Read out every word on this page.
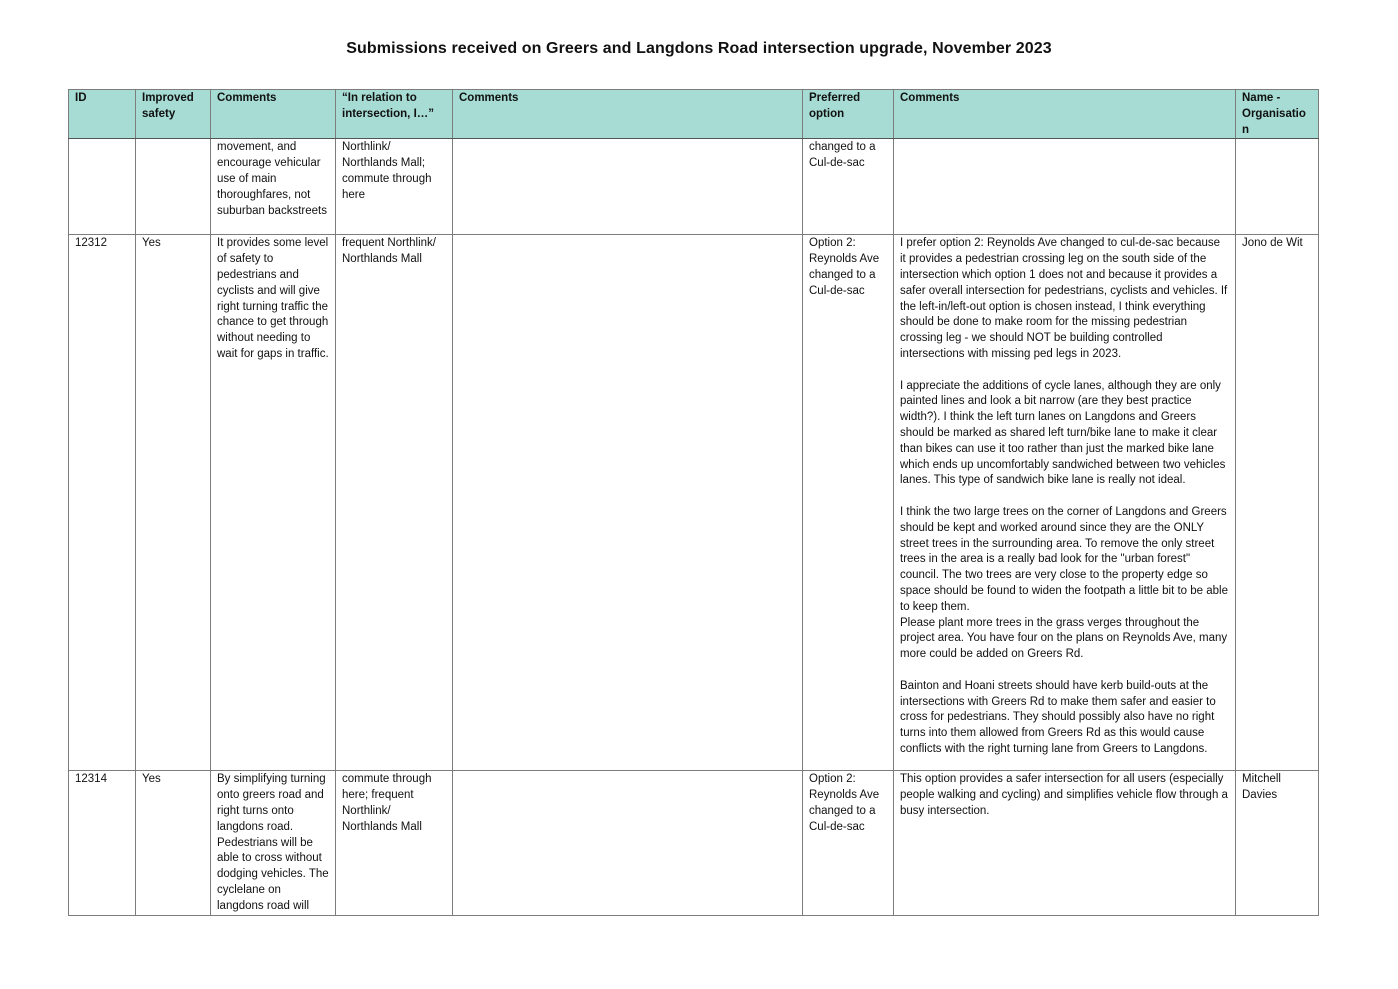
Submissions received on Greers and Langdons Road intersection upgrade, November 2023
ID	Improved safety	Comments	“In relation to intersection, I…”	Comments	Preferred option	Comments	Name - Organisation
		movement, and encourage vehicular use of main thoroughfares, not suburban backstreets	Northlink/ Northlands Mall; commute through here		changed to a Cul-de-sac		
12312	Yes	It provides some level of safety to pedestrians and cyclists and will give right turning traffic the chance to get through without needing to wait for gaps in traffic.	frequent Northlink/ Northlands Mall		Option 2: Reynolds Ave changed to a Cul-de-sac	I prefer option 2: Reynolds Ave changed to cul-de-sac because it provides a pedestrian crossing leg on the south side of the intersection which option 1 does not and because it provides a safer overall intersection for pedestrians, cyclists and vehicles. If the left-in/left-out option is chosen instead, I think everything should be done to make room for the missing pedestrian crossing leg - we should NOT be building controlled intersections with missing ped legs in 2023.

I appreciate the additions of cycle lanes, although they are only painted lines and look a bit narrow (are they best practice width?). I think the left turn lanes on Langdons and Greers should be marked as shared left turn/bike lane to make it clear than bikes can use it too rather than just the marked bike lane which ends up uncomfortably sandwiched between two vehicles lanes. This type of sandwich bike lane is really not ideal.

I think the two large trees on the corner of Langdons and Greers should be kept and worked around since they are the ONLY street trees in the surrounding area. To remove the only street trees in the area is a really bad look for the "urban forest" council. The two trees are very close to the property edge so space should be found to widen the footpath a little bit to be able to keep them.
Please plant more trees in the grass verges throughout the project area. You have four on the plans on Reynolds Ave, many more could be added on Greers Rd.

Bainton and Hoani streets should have kerb build-outs at the intersections with Greers Rd to make them safer and easier to cross for pedestrians. They should possibly also have no right turns into them allowed from Greers Rd as this would cause conflicts with the right turning lane from Greers to Langdons.	Jono de Wit
12314	Yes	By simplifying turning onto greers road and right turns onto langdons road. Pedestrians will be able to cross without dodging vehicles. The cyclelane on langdons road will	commute through here; frequent Northlink/ Northlands Mall		Option 2: Reynolds Ave changed to a Cul-de-sac	This option provides a safer intersection for all users (especially people walking and cycling) and simplifies vehicle flow through a busy intersection.	Mitchell Davies
